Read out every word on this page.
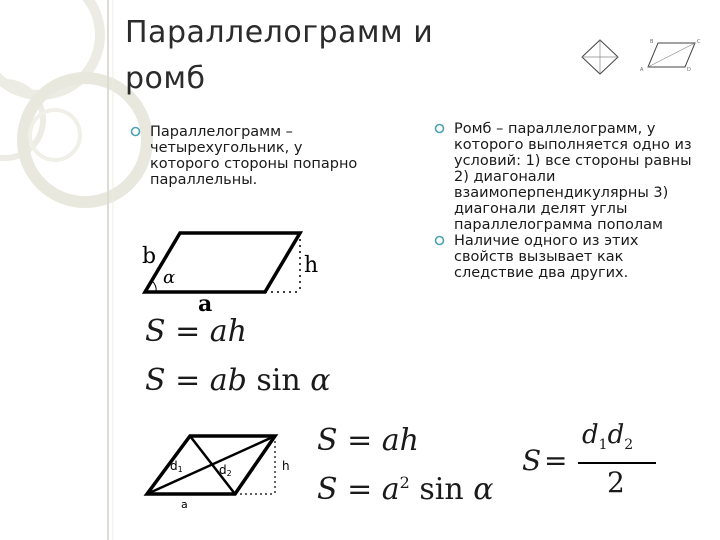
Параллелограмм и
ромб
B	C
A	D
Параллелограмм – четырехугольник, у которого стороны попарно параллельны.
Ромб – параллелограмм, у которого выполняется одно из условий: 1) все стороны равны 2) диагонали взаимоперпендикулярны 3) диагонали делят углы параллелограмма пополам
Наличие одного из этих свойств вызывает как следствие два других.
b	h
a
α
S = ah
S = ab sin α
d1	d2
h
a
S = ah
$S = a^2$ sin α
S =
$d_1d_2$
2
